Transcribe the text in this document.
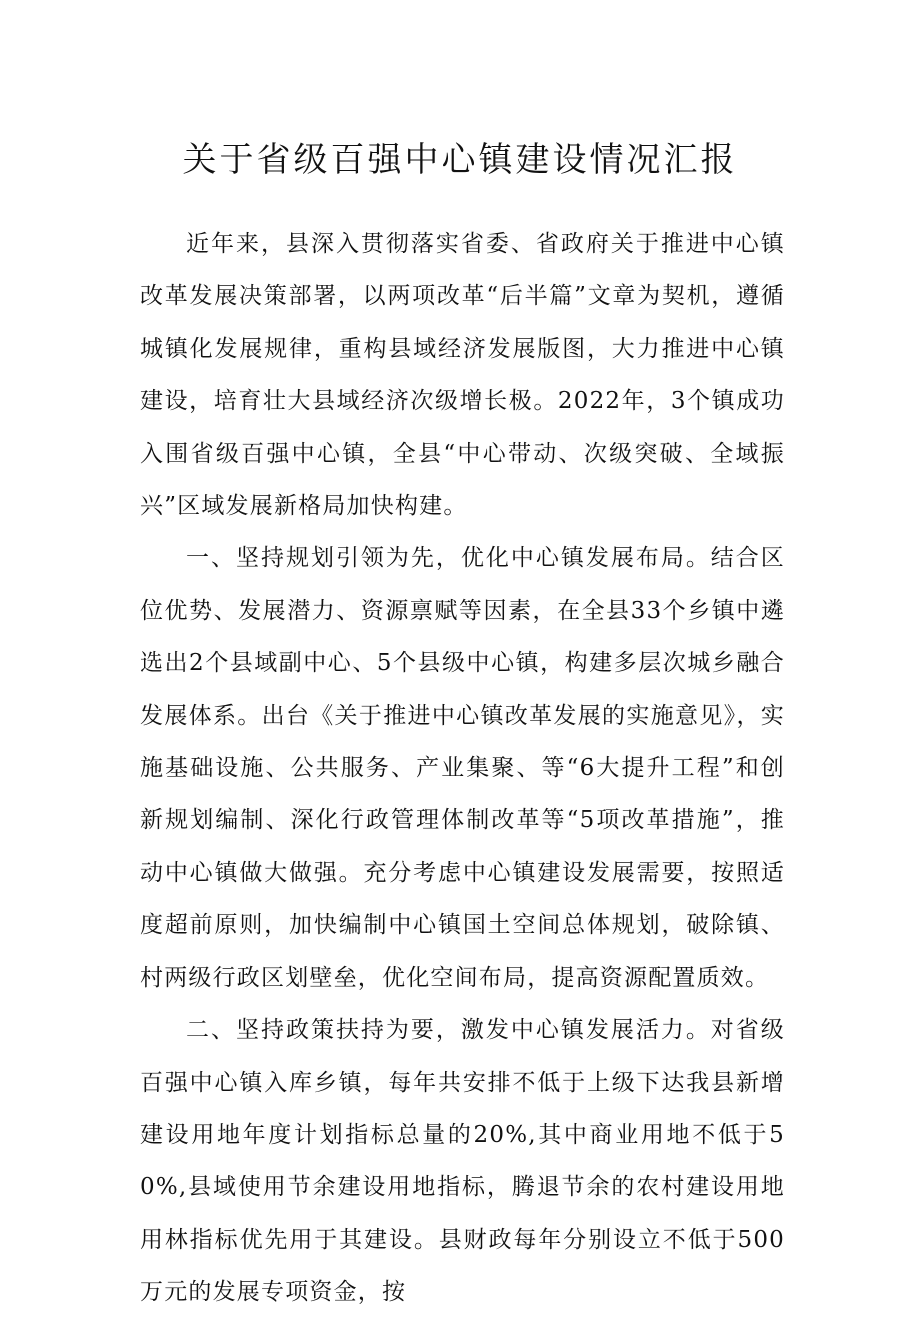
关于省级百强中心镇建设情况汇报

近年来，县深入贯彻落实省委、省政府关于推进中心镇改革发展决策部署，以两项改革“后半篇”文章为契机，遵循城镇化发展规律，重构县域经济发展版图，大力推进中心镇建设，培育壮大县域经济次级增长极。2022年，3个镇成功入围省级百强中心镇，全县“中心带动、次级突破、全域振兴”区域发展新格局加快构建。

一、坚持规划引领为先，优化中心镇发展布局。结合区位优势、发展潜力、资源禀赋等因素，在全县33个乡镇中遴选出2个县域副中心、5个县级中心镇，构建多层次城乡融合发展体系。出台《关于推进中心镇改革发展的实施意见》，实施基础设施、公共服务、产业集聚、等“6大提升工程”和创新规划编制、深化行政管理体制改革等“5项改革措施”，推动中心镇做大做强。充分考虑中心镇建设发展需要，按照适度超前原则，加快编制中心镇国土空间总体规划，破除镇、村两级行政区划壁垒，优化空间布局，提高资源配置质效。

二、坚持政策扶持为要，激发中心镇发展活力。对省级百强中心镇入库乡镇，每年共安排不低于上级下达我县新增建设用地年度计划指标总量的20%,其中商业用地不低于50%,县域使用节余建设用地指标，腾退节余的农村建设用地用林指标优先用于其建设。县财政每年分别设立不低于500万元的发展专项资金，按
